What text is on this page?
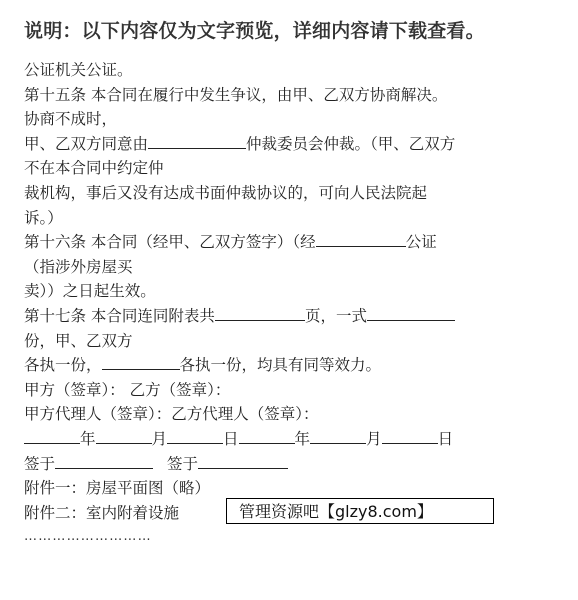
说明：以下内容仅为文字预览，详细内容请下载查看。
公证机关公证。
第十五条 本合同在履行中发生争议，由甲、乙双方协商解决。
协商不成时，
甲、乙双方同意由	仲裁委员会仲裁。（甲、乙双方
不在本合同中约定仲
裁机构，事后又没有达成书面仲裁协议的，可向人民法院起
诉。）
第十六条 本合同（经甲、乙双方签字）（经	公证
（指涉外房屋买
卖））之日起生效。
第十七条 本合同连同附表共	页，一式
份，甲、乙双方
各执一份，	各执一份，均具有同等效力。
甲方（签章）： 乙方（签章）：
甲方代理人（签章）：乙方代理人（签章）：
年	月	日	年	月	日
签于	签于
附件一：房屋平面图（略）
附件二：室内附着设施
………………………
管理资源吧【glzy8.com】
